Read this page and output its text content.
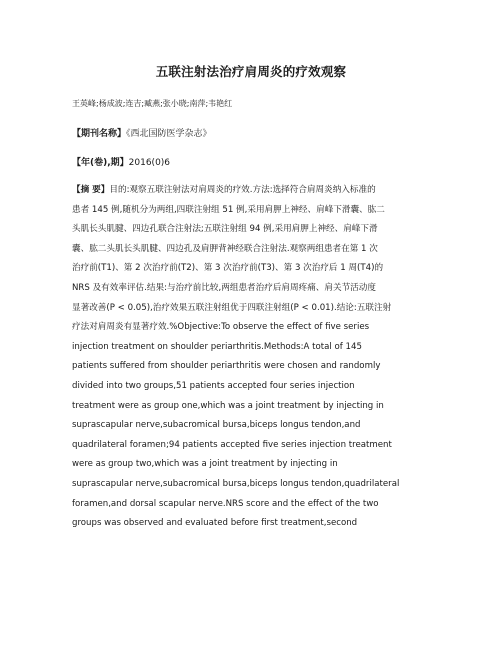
五联注射法治疗肩周炎的疗效观察
王英峰;杨成波;连吉;臧燕;张小晓;南萍;韦艳红
【期刊名称】《西北国防医学杂志》
【年(卷),期】2016(0)6
【摘 要】目的:观察五联注射法对肩周炎的疗效.方法:选择符合肩周炎纳入标准的
患者 145 例,随机分为两组,四联注射组 51 例,采用肩胛上神经、肩峰下滑囊、肱二
头肌长头肌腱、四边孔联合注射法;五联注射组 94 例,采用肩胛上神经、肩峰下滑
囊、肱二头肌长头肌腱、四边孔及肩胛背神经联合注射法.观察两组患者在第 1 次
治疗前(T1)、第 2 次治疗前(T2)、第 3 次治疗前(T3)、第 3 次治疗后 1 周(T4)的
NRS 及有效率评估.结果:与治疗前比较,两组患者治疗后肩周疼痛、肩关节活动度
显著改善(P < 0.05),治疗效果五联注射组优于四联注射组(P < 0.01).结论:五联注射
疗法对肩周炎有显著疗效.%Objective:To observe the effect of five series
injection treatment on shoulder periarthritis.Methods:A total of 145
patients suffered from shoulder periarthritis were chosen and randomly
divided into two groups,51 patients accepted four series injection
treatment were as group one,which was a joint treatment by injecting in
suprascapular nerve,subacromical bursa,biceps longus tendon,and
quadrilateral foramen;94 patients accepted five series injection treatment
were as group two,which was a joint treatment by injecting in
suprascapular nerve,subacromical bursa,biceps longus tendon,quadrilateral
foramen,and dorsal scapular nerve.NRS score and the effect of the two
groups was observed and evaluated before first treatment,second
